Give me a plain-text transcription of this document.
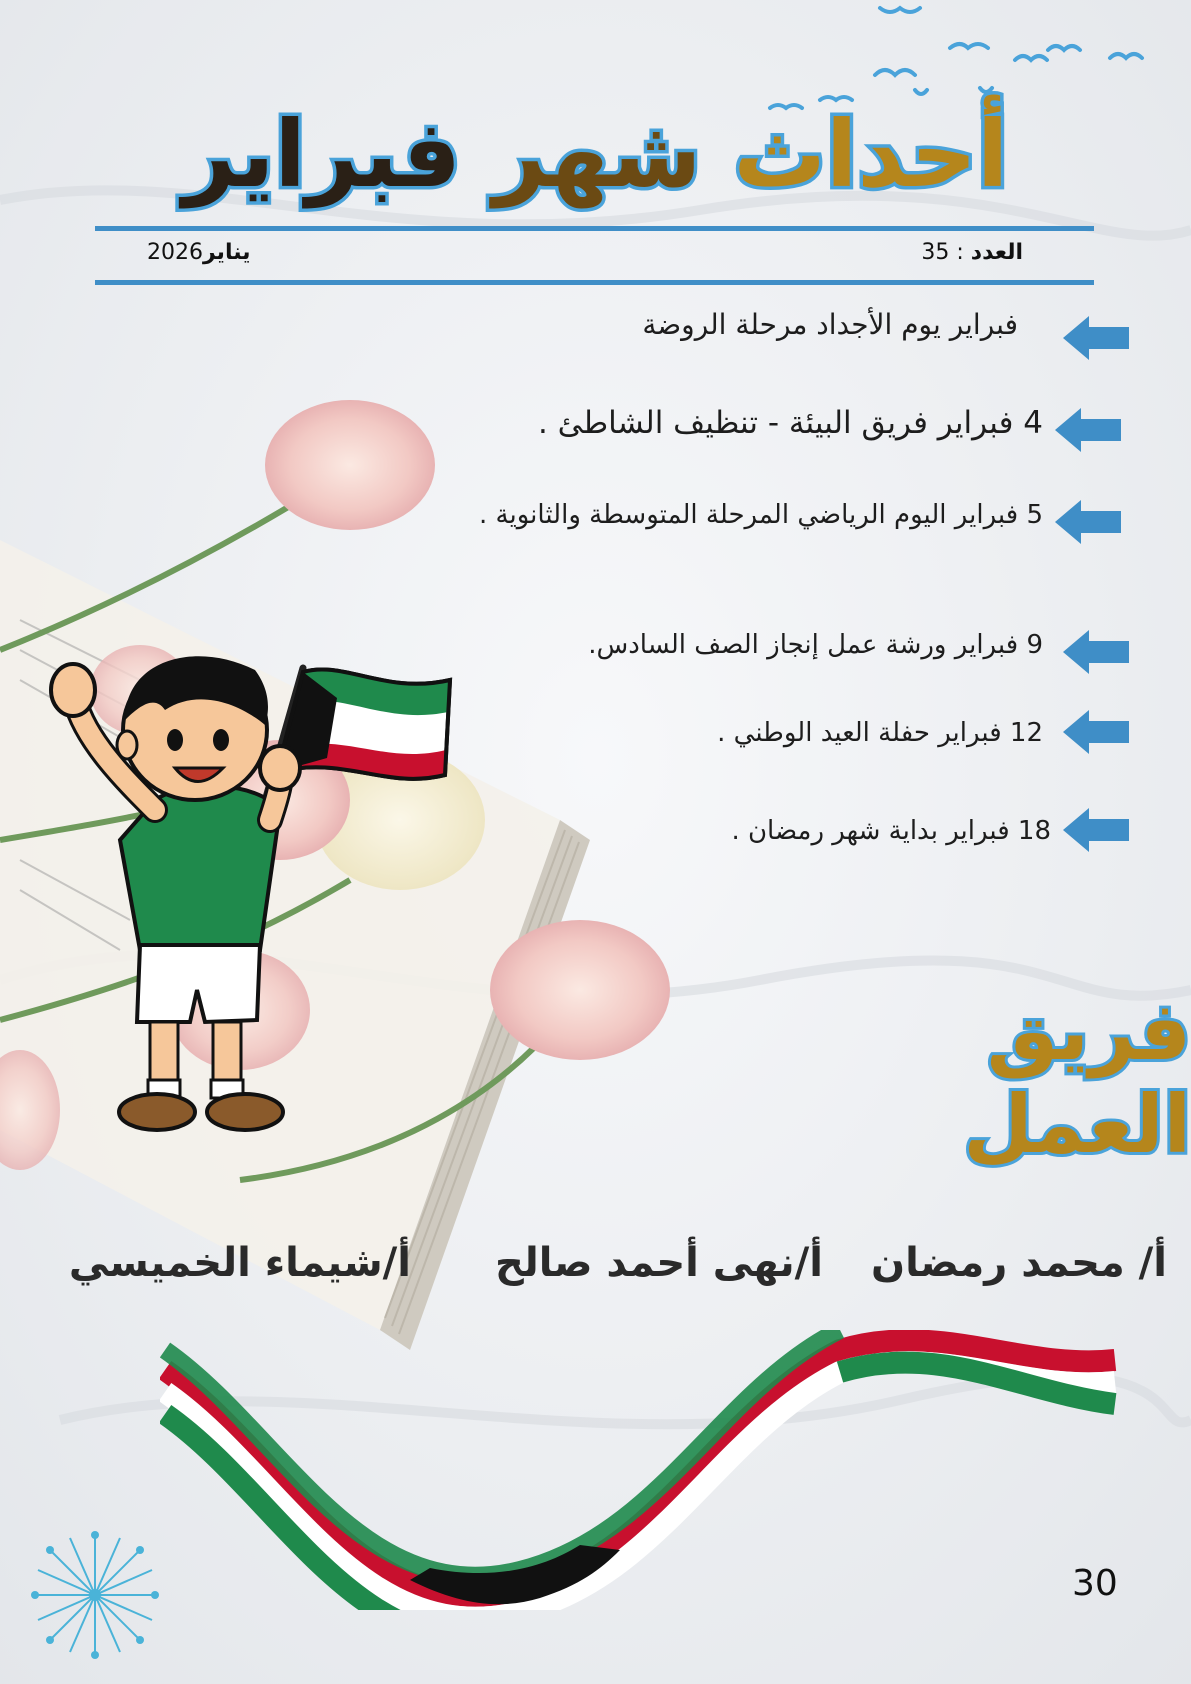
أحداث شهر فبراير
العدد : 35
يناير2026
فبراير يوم الأجداد مرحلة الروضة
4 فبراير فريق البيئة - تنظيف الشاطئ .
5 فبراير اليوم الرياضي المرحلة المتوسطة والثانوية .
9 فبراير ورشة عمل إنجاز الصف السادس.
12 فبراير حفلة العيد الوطني .
18 فبراير بداية شهر رمضان .
فريق العمل
أ/ محمد رمضان
أ/نهى أحمد صالح
أ/شيماء الخميسي
30
